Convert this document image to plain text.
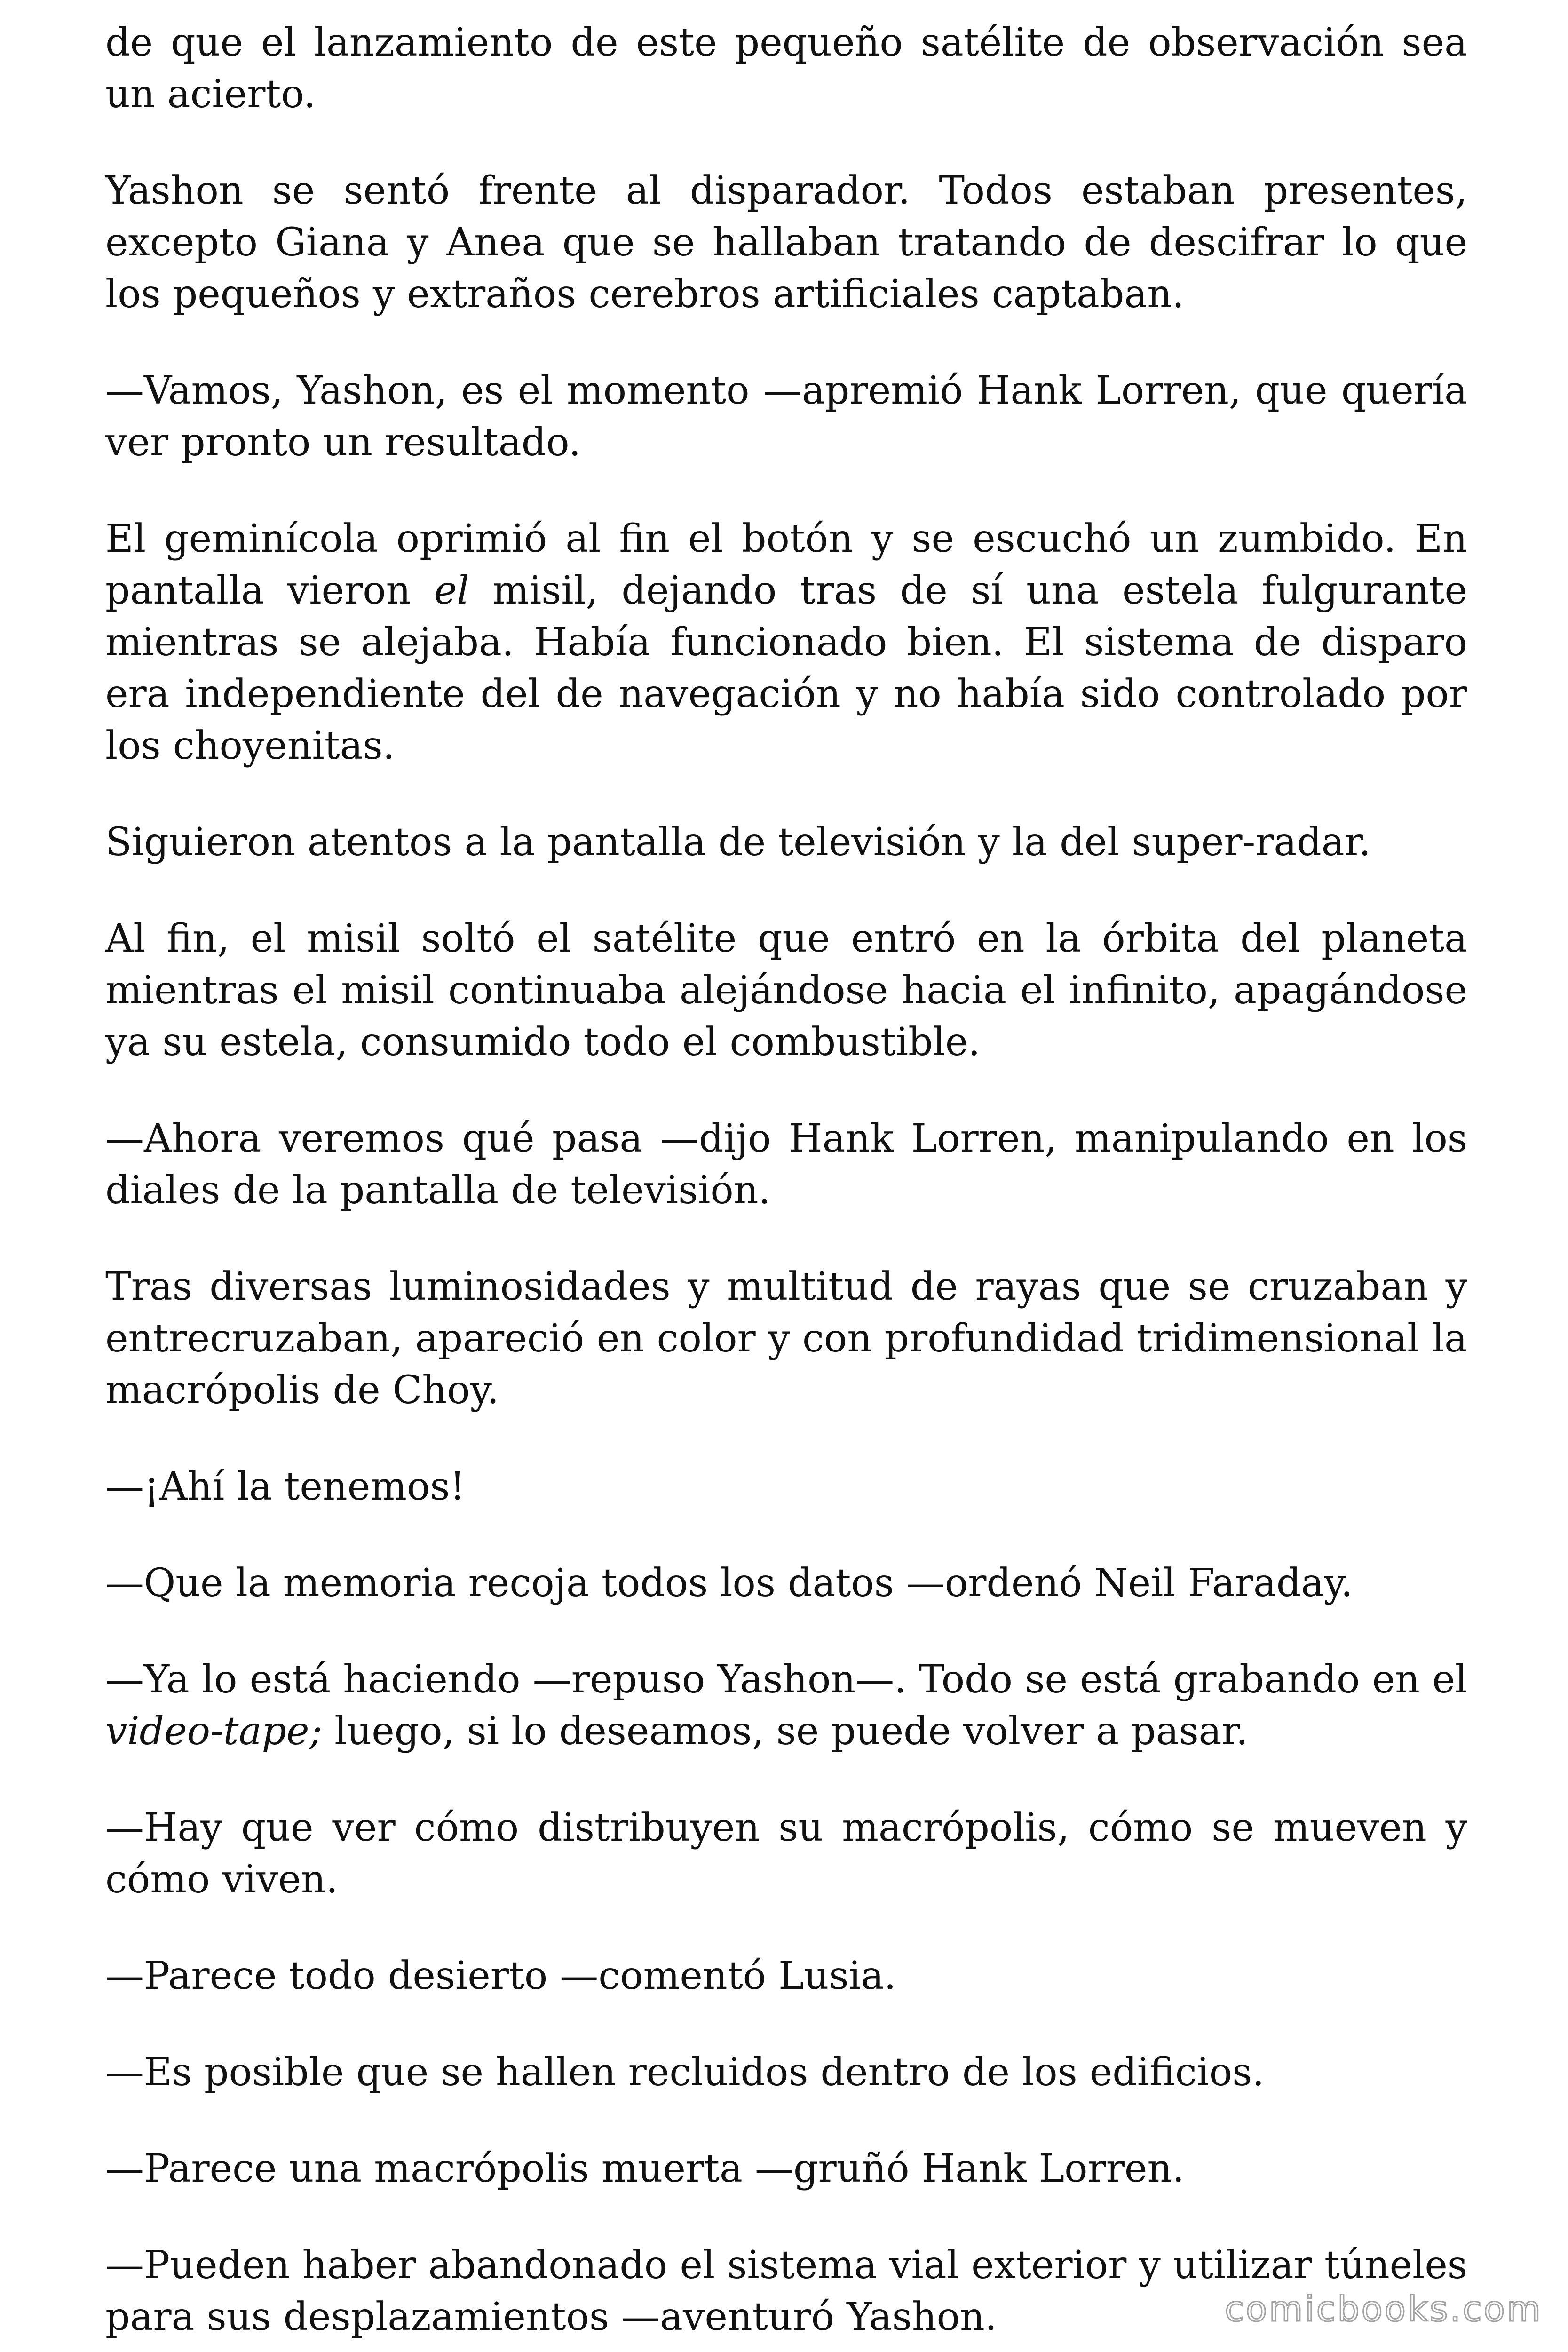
de que el lanzamiento de este pequeño satélite de observación sea un acierto.

Yashon se sentó frente al disparador. Todos estaban presentes, excepto Giana y Anea que se hallaban tratando de descifrar lo que los pequeños y extraños cerebros artificiales captaban.

—Vamos, Yashon, es el momento —apremió Hank Lorren, que quería ver pronto un resultado.

El geminícola oprimió al fin el botón y se escuchó un zumbido. En pantalla vieron el misil, dejando tras de sí una estela fulgurante mientras se alejaba. Había funcionado bien. El sistema de disparo era independiente del de navegación y no había sido controlado por los choyenitas.

Siguieron atentos a la pantalla de televisión y la del super-radar.

Al fin, el misil soltó el satélite que entró en la órbita del planeta mientras el misil continuaba alejándose hacia el infinito, apagándose ya su estela, consumido todo el combustible.

—Ahora veremos qué pasa —dijo Hank Lorren, manipulando en los diales de la pantalla de televisión.

Tras diversas luminosidades y multitud de rayas que se cruzaban y entrecruzaban, apareció en color y con profundidad tridimensional la macrópolis de Choy.

—¡Ahí la tenemos!

—Que la memoria recoja todos los datos —ordenó Neil Faraday.

—Ya lo está haciendo —repuso Yashon—. Todo se está grabando en el video-tape; luego, si lo deseamos, se puede volver a pasar.

—Hay que ver cómo distribuyen su macrópolis, cómo se mueven y cómo viven.

—Parece todo desierto —comentó Lusia.

—Es posible que se hallen recluidos dentro de los edificios.

—Parece una macrópolis muerta —gruñó Hank Lorren.

—Pueden haber abandonado el sistema vial exterior y utilizar túneles para sus desplazamientos —aventuró Yashon.	comicbooks.com
